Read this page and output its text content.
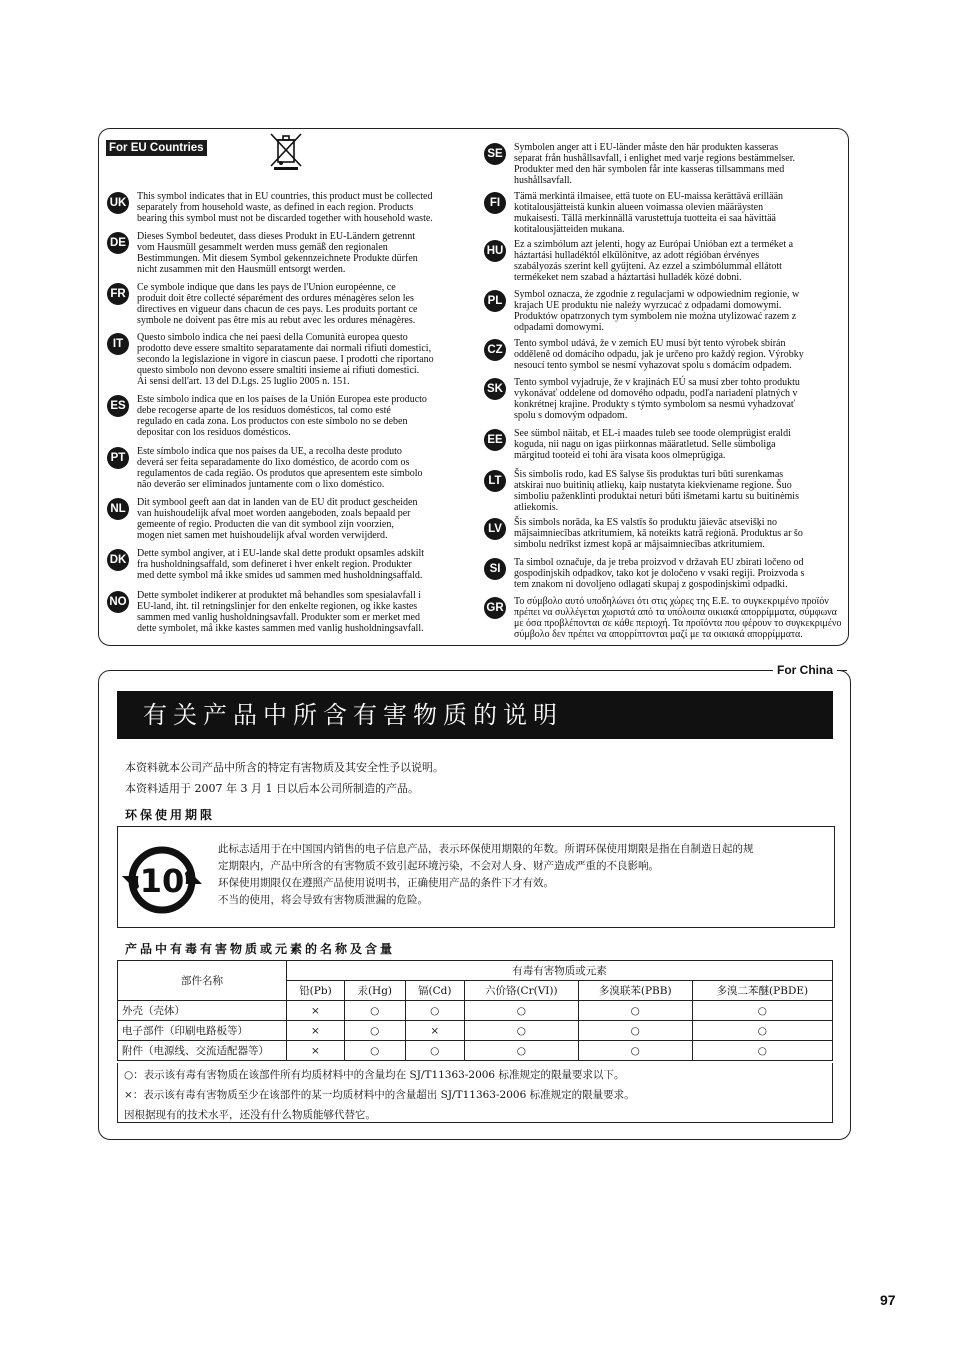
For EU Countries
UK
This symbol indicates that in EU countries, this product must be collected
separately from household waste, as defined in each region. Products
bearing this symbol must not be discarded together with household waste.
DE
Dieses Symbol bedeutet, dass dieses Produkt in EU-Ländern getrennt
vom Hausmüll gesammelt werden muss gemäß den regionalen
Bestimmungen. Mit diesem Symbol gekennzeichnete Produkte dürfen
nicht zusammen mit den Hausmüll entsorgt werden.
FR
Ce symbole indique que dans les pays de l'Union européenne, ce
produit doit être collecté séparément des ordures ménagères selon les
directives en vigueur dans chacun de ces pays. Les produits portant ce
symbole ne doivent pas être mis au rebut avec les ordures ménagères.
IT
Questo simbolo indica che nei paesi della Comunità europea questo
prodotto deve essere smaltito separatamente dai normali rifiuti domestici,
secondo la legislazione in vigore in ciascun paese. I prodotti che riportano
questo simbolo non devono essere smaltiti insieme ai rifiuti domestici.
Ai sensi dell'art. 13 del D.Lgs. 25 luglio 2005 n. 151.
ES
Este símbolo indica que en los países de la Unión Europea este producto
debe recogerse aparte de los residuos domésticos, tal como esté
regulado en cada zona. Los productos con este símbolo no se deben
depositar con los residuos domésticos.
PT
Este símbolo indica que nos países da UE, a recolha deste produto
deverá ser feita separadamente do lixo doméstico, de acordo com os
regulamentos de cada região. Os produtos que apresentem este símbolo
não deverão ser eliminados juntamente com o lixo doméstico.
NL
Dit symbool geeft aan dat in landen van de EU dit product gescheiden
van huishoudelijk afval moet worden aangeboden, zoals bepaald per
gemeente of regio. Producten die van dit symbool zijn voorzien,
mogen niet samen met huishoudelijk afval worden verwijderd.
DK
Dette symbol angiver, at i EU-lande skal dette produkt opsamles adskilt
fra husholdningsaffald, som defineret i hver enkelt region. Produkter
med dette symbol må ikke smides ud sammen med husholdningsaffald.
NO
Dette symbolet indikerer at produktet må behandles som spesialavfall i
EU-land, iht. til retningslinjer for den enkelte regionen, og ikke kastes
sammen med vanlig husholdningsavfall. Produkter som er merket med
dette symbolet, må ikke kastes sammen med vanlig husholdningsavfall.
SE
Symbolen anger att i EU-länder måste den här produkten kasseras
separat från hushållsavfall, i enlighet med varje regions bestämmelser.
Produkter med den här symbolen får inte kasseras tillsammans med
hushållsavfall.
FI
Tämä merkintä ilmaisee, että tuote on EU-maissa kerättävä erillään
kotitalousjätteistä kunkin alueen voimassa olevien määräysten
mukaisesti. Tällä merkinnällä varustettuja tuotteita ei saa hävittää
kotitalousjätteiden mukana.
HU
Ez a szimbólum azt jelenti, hogy az Európai Unióban ezt a terméket a
háztartási hulladéktól elkülönítve, az adott régióban érvényes
szabályozás szerint kell gyűjteni. Az ezzel a szimbólummal ellátott
termékeket nem szabad a háztartási hulladék közé dobni.
PL
Symbol oznacza, że zgodnie z regulacjami w odpowiednim regionie, w
krajach UE produktu nie należy wyrzucać z odpadami domowymi.
Produktów opatrzonych tym symbolem nie można utylizować razem z
odpadami domowymi.
CZ
Tento symbol udává, že v zemích EU musí být tento výrobek sbírán
odděleně od domácího odpadu, jak je určeno pro každý region. Výrobky
nesoucí tento symbol se nesmí vyhazovat spolu s domácím odpadem.
SK
Tento symbol vyjadruje, že v krajinách EÚ sa musí zber tohto produktu
vykonávať oddelene od domového odpadu, podľa nariadení platných v
konkrétnej krajine. Produkty s týmto symbolom sa nesmú vyhadzovať
spolu s domovým odpadom.
EE
See sümbol näitab, et EL-i maades tuleb see toode olemprügist eraldi
koguda, nii nagu on igas piirkonnas määratletud. Selle sümboliga
märgitud tooteid ei tohi ära visata koos olmeprügiga.
LT
Šis simbolis rodo, kad ES šalyse šis produktas turi būti surenkamas
atskirai nuo buitinių atliekų, kaip nustatyta kiekviename regione. Šuo
simboliu paženklinti produktai neturi būti išmetami kartu su buitinėmis
atliekomis.
LV
Šis simbols norāda, ka ES valstīs šo produktu jāievāc atsevišķi no
mājsaimniecības atkritumiem, kā noteikts katrā reģionā. Produktus ar šo
simbolu nedrīkst izmest kopā ar mājsaimniecības atkritumiem.
SI
Ta simbol označuje, da je treba proizvod v državah EU zbirati ločeno od
gospodinjskih odpadkov, tako kot je določeno v vsaki regiji. Proizvoda s
tem znakom ni dovoljeno odlagati skupaj z gospodinjskimi odpadki.
GR
Το σύμβολο αυτό υποδηλώνει ότι στις χώρες της Ε.Ε. το συγκεκριμένο προϊόν
πρέπει να συλλέγεται χωριστά από τα υπόλοιπα οικιακά απορρίμματα, σύμφωνα
με όσα προβλέπονται σε κάθε περιοχή. Τα προϊόντα που φέρουν το συγκεκριμένο
σύμβολο δεν πρέπει να απορρίπτονται μαζί με τα οικιακά απορρίμματα.
For China
有关产品中所含有害物质的说明
本资料就本公司产品中所含的特定有害物质及其安全性予以说明。
本资料适用于 2007 年 3 月 1 日以后本公司所制造的产品。
环保使用期限
10
此标志适用于在中国国内销售的电子信息产品，表示环保使用期限的年数。所谓环保使用期限是指在自制造日起的规
定期限内，产品中所含的有害物质不致引起环境污染，不会对人身、财产造成严重的不良影响。
环保使用期限仅在遵照产品使用说明书，正确使用产品的条件下才有效。
不当的使用，将会导致有害物质泄漏的危险。
产品中有毒有害物质或元素的名称及含量
部件名称	有毒有害物质或元素					
	铅(Pb)	汞(Hg)	镉(Cd)	六价铬(Cr(VI))	多溴联苯(PBB)	多溴二苯醚(PBDE)
外壳（壳体）	×	○	○	○	○	○
电子部件（印刷电路板等）	×	○	×	○	○	○
附件（电源线、交流适配器等）	×	○	○	○	○	○
○：表示该有毒有害物质在该部件所有均质材料中的含量均在 SJ/T11363-2006 标准规定的限量要求以下。
×：表示该有毒有害物质至少在该部件的某一均质材料中的含量超出 SJ/T11363-2006 标准规定的限量要求。
因根据现有的技术水平，还没有什么物质能够代替它。
97
